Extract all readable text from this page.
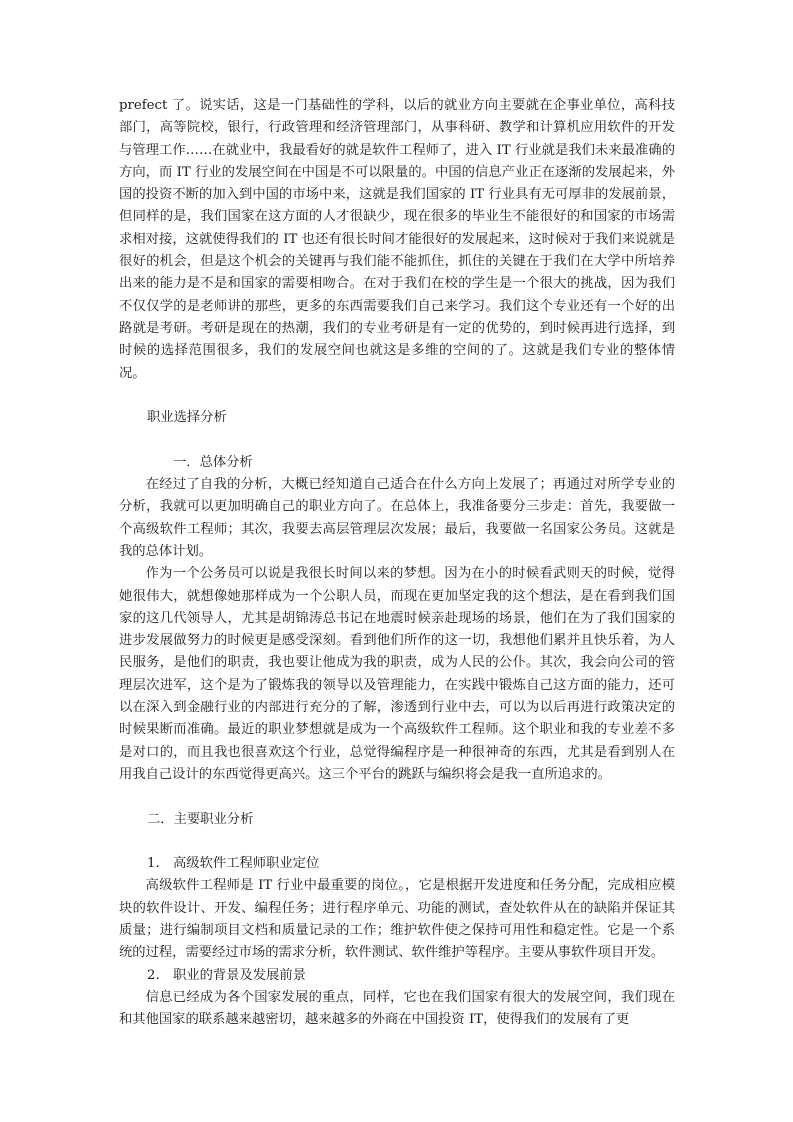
prefect 了。说实话，这是一门基础性的学科，以后的就业方向主要就在企事业单位，高科技部门，高等院校，银行，行政管理和经济管理部门，从事科研、教学和计算机应用软件的开发与管理工作……在就业中，我最看好的就是软件工程师了，进入 IT 行业就是我们未来最准确的方向，而 IT 行业的发展空间在中国是不可以限量的。中国的信息产业正在逐渐的发展起来，外国的投资不断的加入到中国的市场中来，这就是我们国家的 IT 行业具有无可厚非的发展前景，但同样的是，我们国家在这方面的人才很缺少，现在很多的毕业生不能很好的和国家的市场需求相对接，这就使得我们的 IT 也还有很长时间才能很好的发展起来，这时候对于我们来说就是很好的机会，但是这个机会的关键再与我们能不能抓住，抓住的关键在于我们在大学中所培养出来的能力是不是和国家的需要相吻合。在对于我们在校的学生是一个很大的挑战，因为我们不仅仅学的是老师讲的那些，更多的东西需要我们自己来学习。我们这个专业还有一个好的出路就是考研。考研是现在的热潮，我们的专业考研是有一定的优势的，到时候再进行选择，到时候的选择范围很多，我们的发展空间也就这是多维的空间的了。这就是我们专业的整体情况。

职业选择分析

一．总体分析

在经过了自我的分析，大概已经知道自己适合在什么方向上发展了；再通过对所学专业的分析，我就可以更加明确自己的职业方向了。在总体上，我准备要分三步走：首先，我要做一个高级软件工程师；其次，我要去高层管理层次发展；最后，我要做一名国家公务员。这就是我的总体计划。

作为一个公务员可以说是我很长时间以来的梦想。因为在小的时候看武则天的时候，觉得她很伟大，就想像她那样成为一个公职人员，而现在更加坚定我的这个想法，是在看到我们国家的这几代领导人，尤其是胡锦涛总书记在地震时候亲赴现场的场景，他们在为了我们国家的进步发展做努力的时候更是感受深刻。看到他们所作的这一切，我想他们累并且快乐着，为人民服务，是他们的职责，我也要让他成为我的职责，成为人民的公仆。其次，我会向公司的管理层次进军，这个是为了锻炼我的领导以及管理能力，在实践中锻炼自己这方面的能力，还可以在深入到金融行业的内部进行充分的了解，渗透到行业中去，可以为以后再进行政策决定的时候果断而准确。最近的职业梦想就是成为一个高级软件工程师。这个职业和我的专业差不多是对口的，而且我也很喜欢这个行业，总觉得编程序是一种很神奇的东西，尤其是看到别人在用我自己设计的东西觉得更高兴。这三个平台的跳跃与编织将会是我一直所追求的。

二．主要职业分析

1.　高级软件工程师职业定位

高级软件工程师是 IT 行业中最重要的岗位。，它是根据开发进度和任务分配，完成相应模块的软件设计、开发、编程任务；进行程序单元、功能的测试，查处软件从在的缺陷并保证其质量；进行编制项目文档和质量记录的工作；维护软件使之保持可用性和稳定性。它是一个系统的过程，需要经过市场的需求分析，软件测试、软件维护等程序。主要从事软件项目开发。

2.　职业的背景及发展前景

信息已经成为各个国家发展的重点，同样，它也在我们国家有很大的发展空间，我们现在和其他国家的联系越来越密切，越来越多的外商在中国投资 IT，使得我们的发展有了更
